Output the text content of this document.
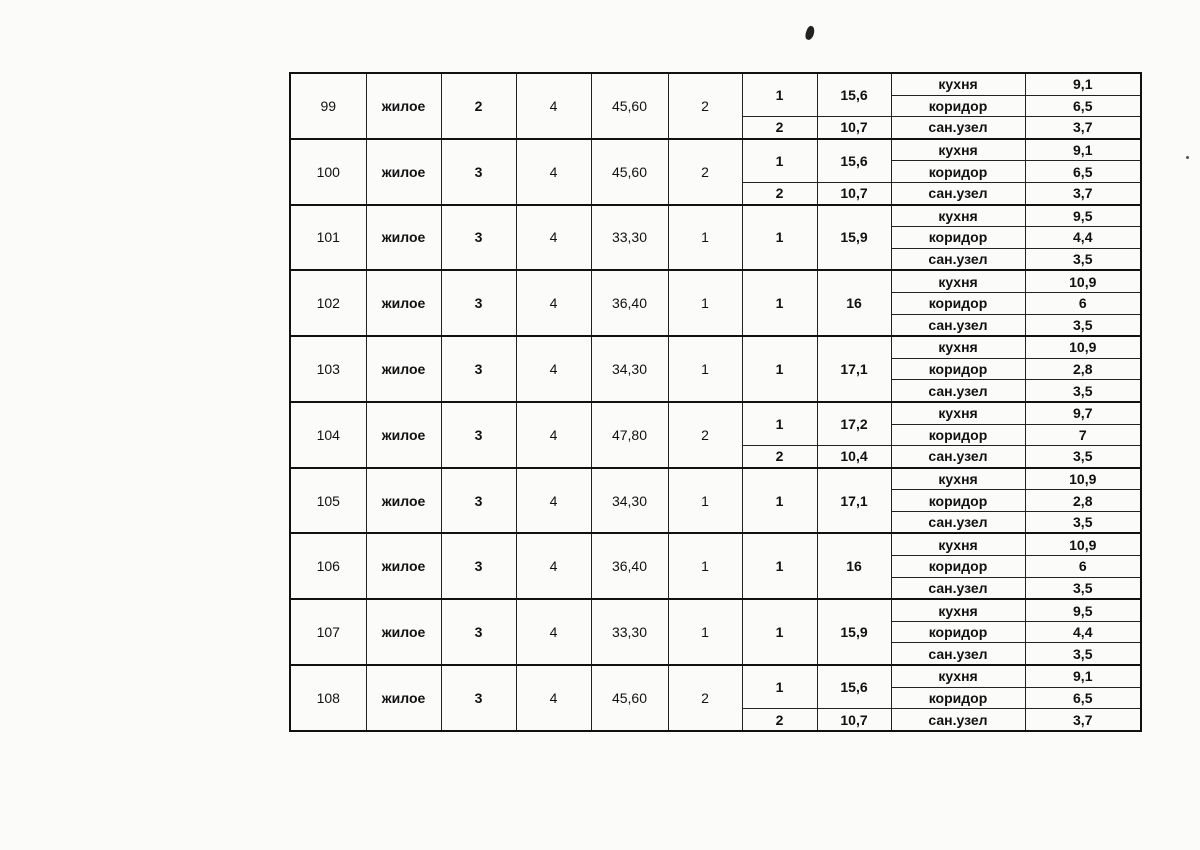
99	жилое	2	4	45,60	2	1	15,6	кухня	9,1
								коридор	6,5
						2	10,7	сан.узел	3,7
100	жилое	3	4	45,60	2	1	15,6	кухня	9,1
								коридор	6,5
						2	10,7	сан.узел	3,7
101	жилое	3	4	33,30	1	1	15,9	кухня	9,5
								коридор	4,4
								сан.узел	3,5
102	жилое	3	4	36,40	1	1	16	кухня	10,9
								коридор	6
								сан.узел	3,5
103	жилое	3	4	34,30	1	1	17,1	кухня	10,9
								коридор	2,8
								сан.узел	3,5
104	жилое	3	4	47,80	2	1	17,2	кухня	9,7
								коридор	7
						2	10,4	сан.узел	3,5
105	жилое	3	4	34,30	1	1	17,1	кухня	10,9
								коридор	2,8
								сан.узел	3,5
106	жилое	3	4	36,40	1	1	16	кухня	10,9
								коридор	6
								сан.узел	3,5
107	жилое	3	4	33,30	1	1	15,9	кухня	9,5
								коридор	4,4
								сан.узел	3,5
108	жилое	3	4	45,60	2	1	15,6	кухня	9,1
								коридор	6,5
						2	10,7	сан.узел	3,7
